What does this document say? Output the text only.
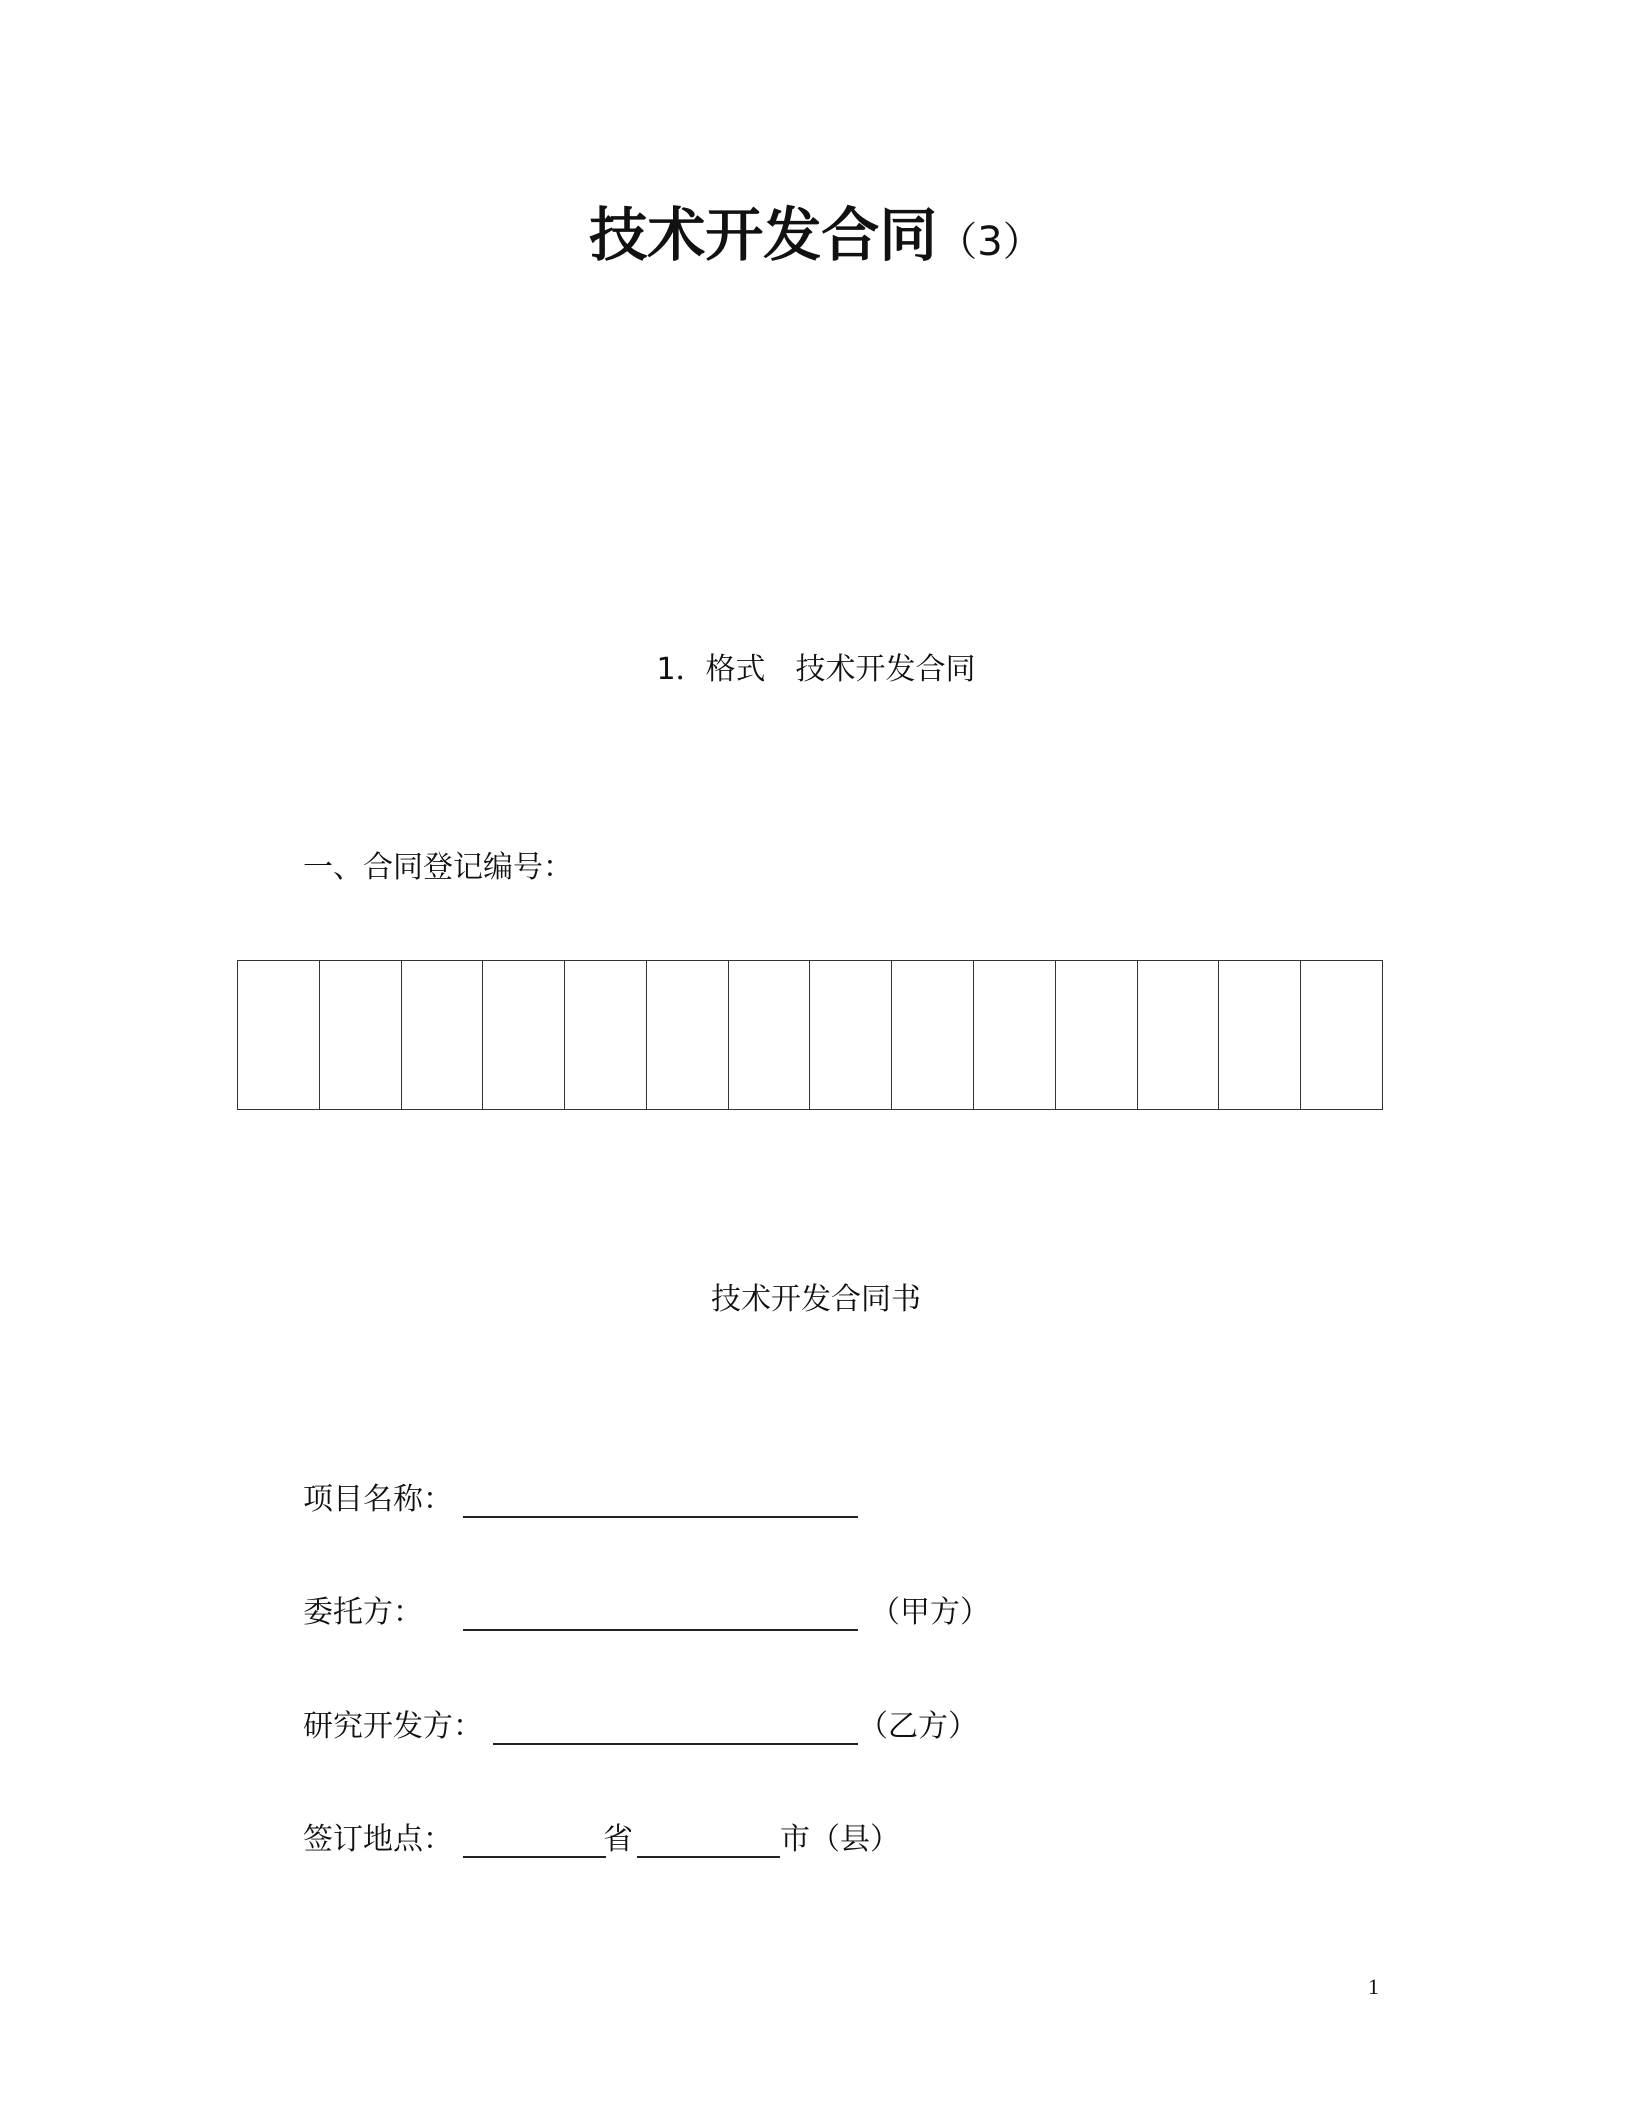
技术开发合同（3）
1．格式　技术开发合同
一、合同登记编号：
技术开发合同书
项目名称：
委托方：	（甲方）
研究开发方：	（乙方）
签订地点：	省	市（县）
1
